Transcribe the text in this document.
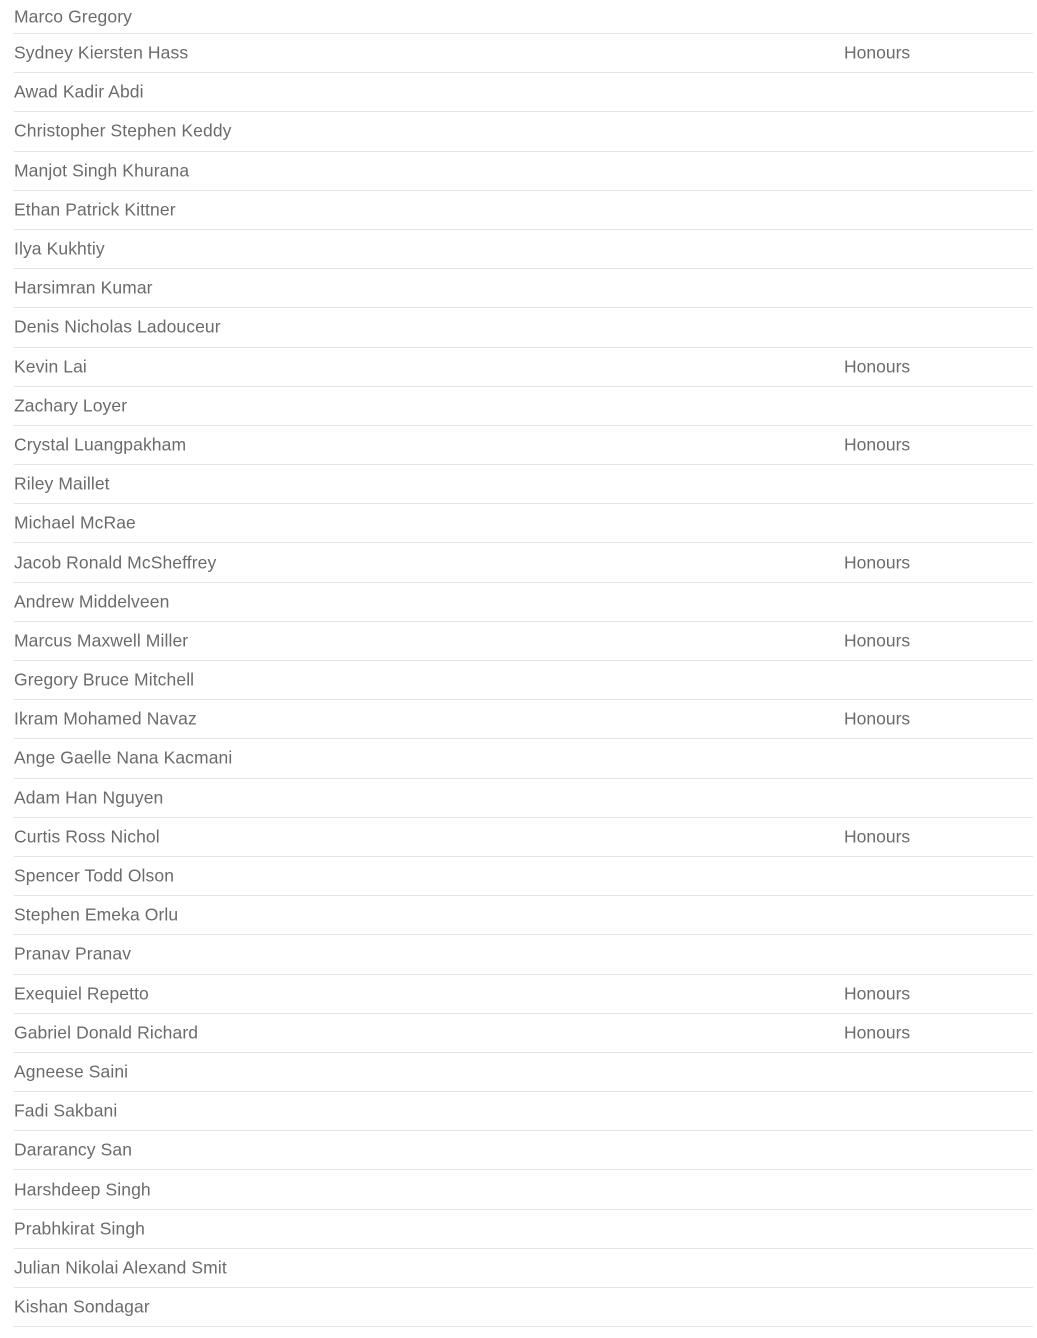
Marco Gregory
Sydney Kiersten Hass	Honours
Awad Kadir Abdi
Christopher Stephen Keddy
Manjot Singh Khurana
Ethan Patrick Kittner
Ilya Kukhtiy
Harsimran Kumar
Denis Nicholas Ladouceur
Kevin Lai	Honours
Zachary Loyer
Crystal Luangpakham	Honours
Riley Maillet
Michael McRae
Jacob Ronald McSheffrey	Honours
Andrew Middelveen
Marcus Maxwell Miller	Honours
Gregory Bruce Mitchell
Ikram Mohamed Navaz	Honours
Ange Gaelle Nana Kacmani
Adam Han Nguyen
Curtis Ross Nichol	Honours
Spencer Todd Olson
Stephen Emeka Orlu
Pranav Pranav
Exequiel Repetto	Honours
Gabriel Donald Richard	Honours
Agneese Saini
Fadi Sakbani
Dararancy San
Harshdeep Singh
Prabhkirat Singh
Julian Nikolai Alexand Smit
Kishan Sondagar
